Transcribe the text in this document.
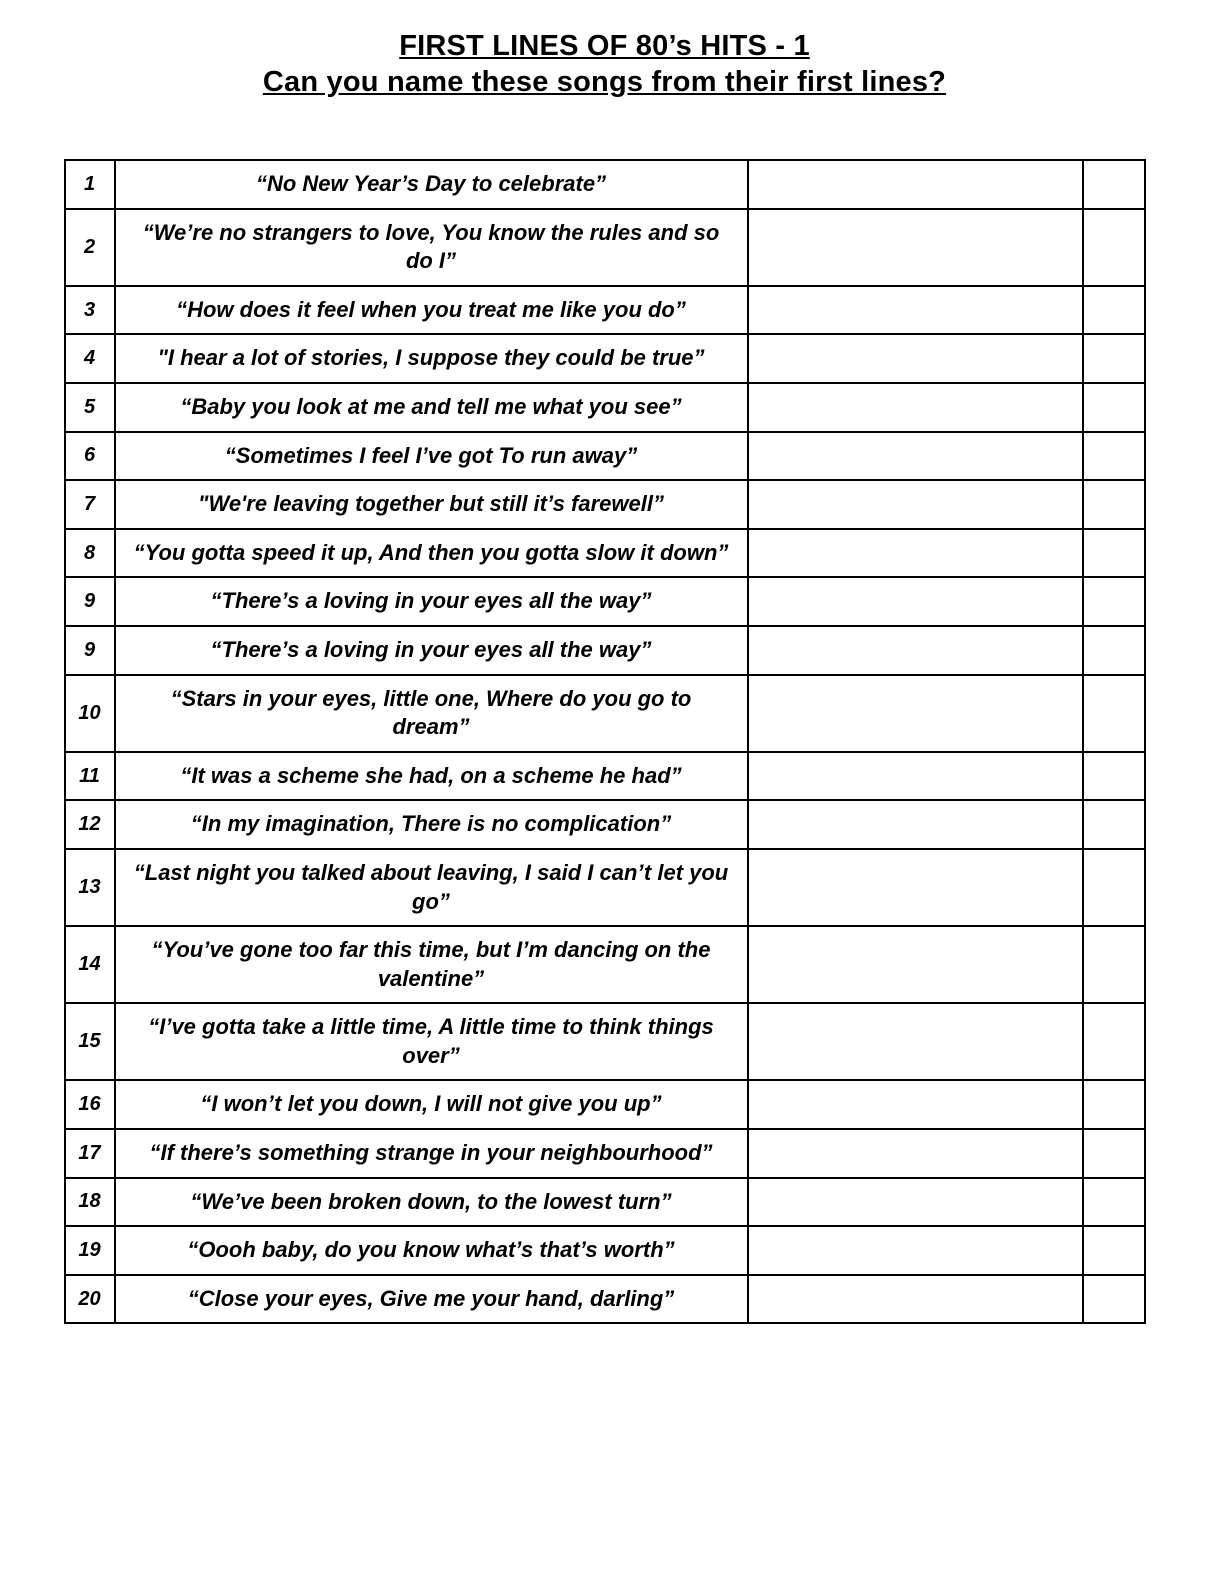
FIRST LINES OF 80’s HITS - 1
Can you name these songs from their first lines?
1	“No New Year’s Day to celebrate”		
2	“We’re no strangers to love, You know the rules and so do I”		
3	“How does it feel when you treat me like you do”		
4	"I hear a lot of stories, I suppose they could be true”		
5	“Baby you look at me and tell me what you see”		
6	“Sometimes I feel I’ve got To run away”		
7	"We're leaving together but still it’s farewell”		
8	“You gotta speed it up, And then you gotta slow it down”		
9	“There’s a loving in your eyes all the way”		
9	“There’s a loving in your eyes all the way”		
10	“Stars in your eyes, little one, Where do you go to dream”		
11	“It was a scheme she had, on a scheme he had”		
12	“In my imagination, There is no complication”		
13	“Last night you talked about leaving, I said I can’t let you go”		
14	“You’ve gone too far this time, but I’m dancing on the valentine”		
15	“I’ve gotta take a little time, A little time to think things over”		
16	“I won’t let you down, I will not give you up”		
17	“If there’s something strange in your neighbourhood”		
18	“We’ve been broken down, to the lowest turn”		
19	“Oooh baby, do you know what’s that’s worth”		
20	“Close your eyes, Give me your hand, darling”		
